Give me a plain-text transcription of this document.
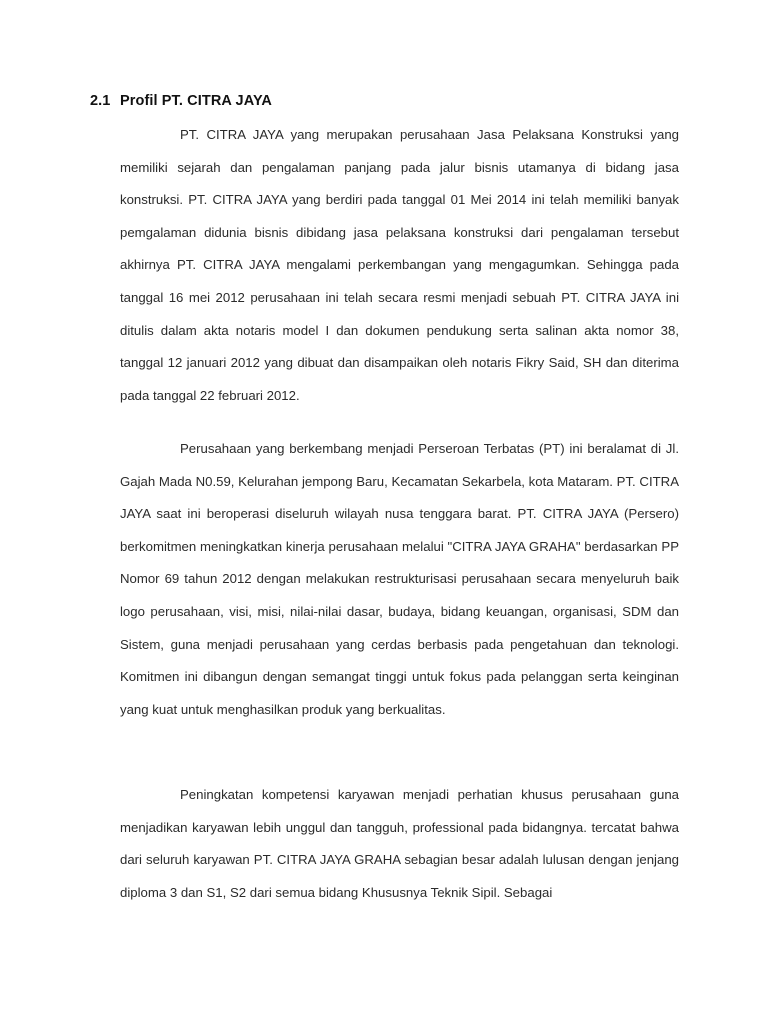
2.1 Profil PT. CITRA JAYA

PT. CITRA JAYA yang merupakan perusahaan Jasa Pelaksana Konstruksi yang memiliki sejarah dan pengalaman panjang pada jalur bisnis utamanya di bidang jasa konstruksi. PT. CITRA JAYA yang berdiri pada tanggal 01 Mei 2014 ini telah memiliki banyak pemgalaman didunia bisnis dibidang jasa pelaksana konstruksi dari pengalaman tersebut akhirnya PT. CITRA JAYA mengalami perkembangan yang mengagumkan. Sehingga pada tanggal 16 mei 2012 perusahaan ini telah secara resmi menjadi sebuah PT. CITRA JAYA ini ditulis dalam akta notaris model I dan dokumen pendukung serta salinan akta nomor 38, tanggal 12 januari 2012 yang dibuat dan disampaikan oleh notaris Fikry Said, SH dan diterima pada tanggal 22 februari 2012.

Perusahaan yang berkembang menjadi Perseroan Terbatas (PT) ini beralamat di Jl. Gajah Mada N0.59, Kelurahan jempong Baru, Kecamatan Sekarbela, kota Mataram. PT. CITRA JAYA saat ini beroperasi diseluruh wilayah nusa tenggara barat. PT. CITRA JAYA (Persero) berkomitmen meningkatkan kinerja perusahaan melalui "CITRA JAYA GRAHA" berdasarkan PP Nomor 69 tahun 2012 dengan melakukan restrukturisasi perusahaan secara menyeluruh baik logo perusahaan, visi, misi, nilai-nilai dasar, budaya, bidang keuangan, organisasi, SDM dan Sistem, guna menjadi perusahaan yang cerdas berbasis pada pengetahuan dan teknologi. Komitmen ini dibangun dengan semangat tinggi untuk fokus pada pelanggan serta keinginan yang kuat untuk menghasilkan produk yang berkualitas.

Peningkatan kompetensi karyawan menjadi perhatian khusus perusahaan guna menjadikan karyawan lebih unggul dan tangguh, professional pada bidangnya. tercatat bahwa dari seluruh karyawan PT. CITRA JAYA GRAHA sebagian besar adalah lulusan dengan jenjang diploma 3 dan S1, S2 dari semua bidang Khususnya Teknik Sipil. Sebagai
